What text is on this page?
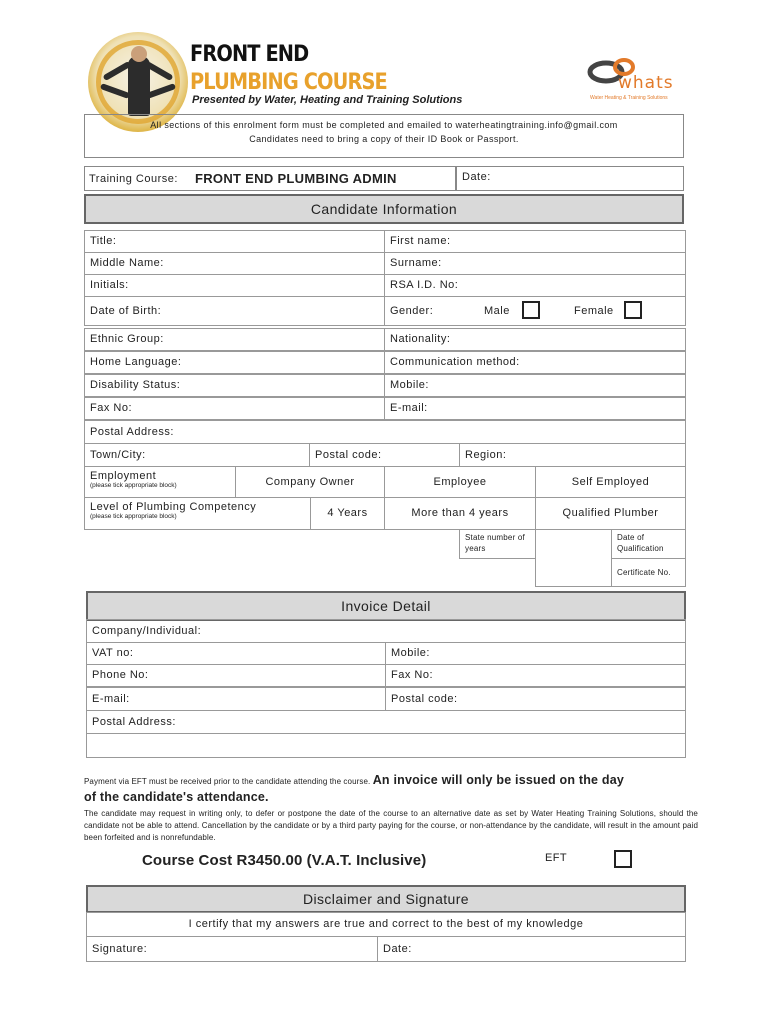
FRONT END
PLUMBING COURSE
Presented by Water, Heating and Training Solutions
whats
Water Heating & Training Solutions
All sections of this enrolment form must be completed and emailed to waterheatingtraining.info@gmail.com
Candidates need to bring a copy of their ID Book or Passport.
Training Course: FRONT END PLUMBING ADMIN	Date:
Candidate Information
Title:	First name:
Middle Name:	Surname:
Initials:	RSA I.D. No:
Date of Birth:	Gender:	Male	Female
Ethnic Group:	Nationality:
Home Language:	Communication method:
Disability Status:	Mobile:
Fax No:	E-mail:
Postal Address:
Town/City:	Postal code:	Region:
Employment
(please tick appropriate block)	Company Owner	Employee	Self Employed
Level of Plumbing Competency
(please tick appropriate block)	4 Years	More than 4 years	Qualified Plumber
State number of years
Date of Qualification
Certificate No.
Invoice Detail
Company/Individual:
VAT no:	Mobile:
Phone No:	Fax No:
E-mail:	Postal code:
Postal Address:
Payment via EFT must be received prior to the candidate attending the course. An invoice will only be issued on the day
of the candidate's attendance.
The candidate may request in writing only, to defer or postpone the date of the course to an alternative date as set by Water Heating Training Solutions, should the candidate not be able to attend. Cancellation by the candidate or by a third party paying for the course, or non-attendance by the candidate, will result in the amount paid been forfeited and is nonrefundable.
Course Cost R3450.00 (V.A.T. Inclusive)	EFT
Disclaimer and Signature
I certify that my answers are true and correct to the best of my knowledge
Signature:	Date:
